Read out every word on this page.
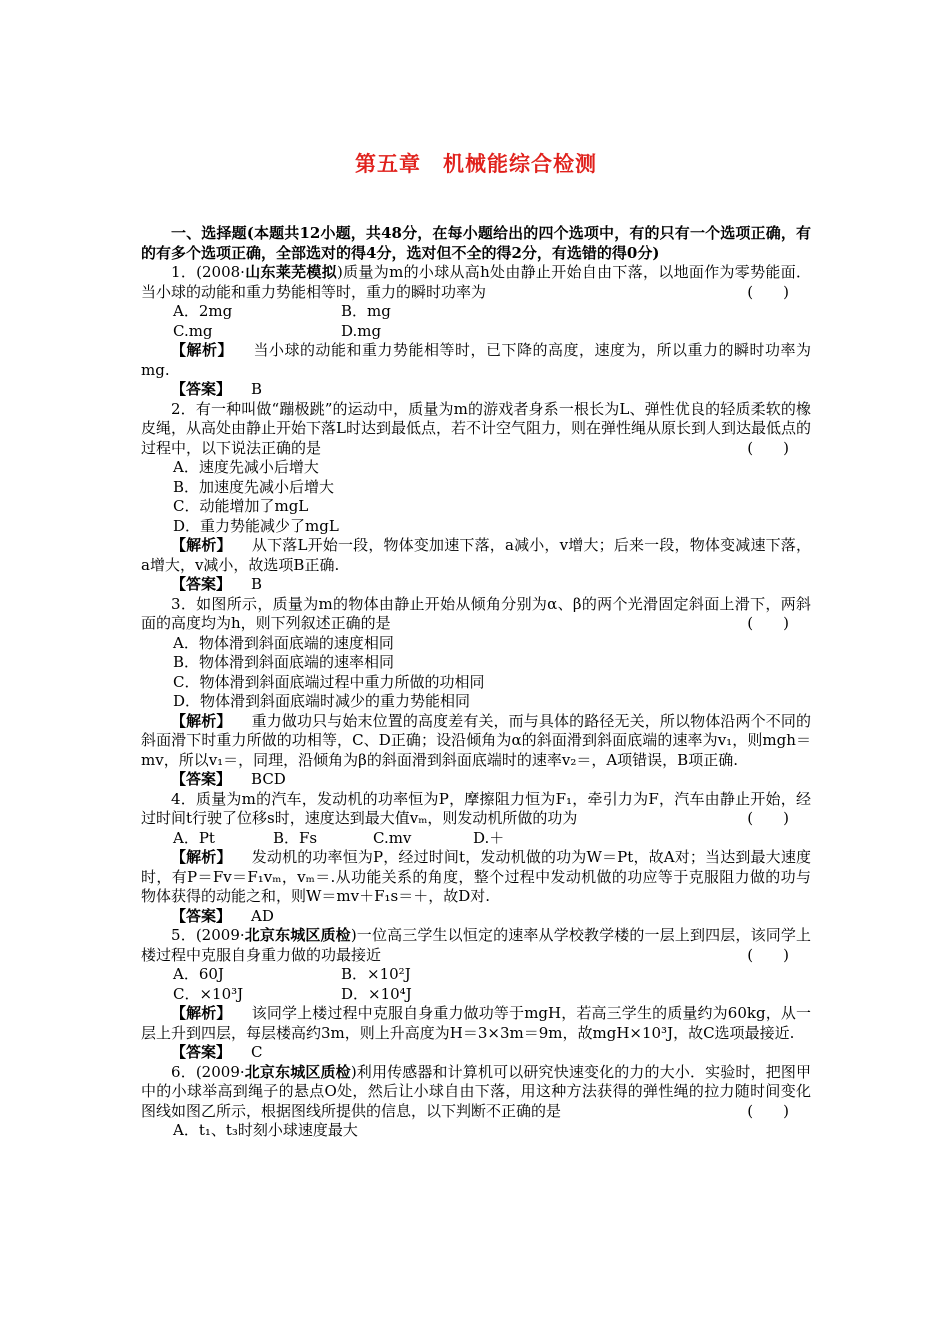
第五章　机械能综合检测

一、选择题(本题共12小题，共48分，在每小题给出的四个选项中，有的只有一个选项正确，有的有多个选项正确，全部选对的得4分，选对但不全的得2分，有选错的得0分)

1．(2008·山东莱芜模拟)质量为m的小球从高h处由静止开始自由下落，以地面作为零势能面．当小球的动能和重力势能相等时，重力的瞬时功率为	(　　)

A．2mg	B．mg
C.mg	D.mg

【解析】 当小球的动能和重力势能相等时，已下降的高度，速度为，所以重力的瞬时功率为mg.

【答案】 B

2．有一种叫做“蹦极跳”的运动中，质量为m的游戏者身系一根长为L、弹性优良的轻质柔软的橡皮绳，从高处由静止开始下落L时达到最低点，若不计空气阻力，则在弹性绳从原长到人到达最低点的过程中，以下说法正确的是	(　　)

A．速度先减小后增大
B．加速度先减小后增大
C．动能增加了mgL
D．重力势能减少了mgL

【解析】 从下落L开始一段，物体变加速下落，a减小，v增大；后来一段，物体变减速下落，a增大，v减小，故选项B正确.

【答案】 B

3．如图所示，质量为m的物体由静止开始从倾角分别为α、β的两个光滑固定斜面上滑下，两斜面的高度均为h，则下列叙述正确的是	(　　)

A．物体滑到斜面底端的速度相同
B．物体滑到斜面底端的速率相同
C．物体滑到斜面底端过程中重力所做的功相同
D．物体滑到斜面底端时减少的重力势能相同

【解析】 重力做功只与始末位置的高度差有关，而与具体的路径无关，所以物体沿两个不同的斜面滑下时重力所做的功相等，C、D正确；设沿倾角为α的斜面滑到斜面底端的速率为v₁，则mgh＝mv，所以v₁＝，同理，沿倾角为β的斜面滑到斜面底端时的速率v₂＝，A项错误，B项正确.

【答案】 BCD

4．质量为m的汽车，发动机的功率恒为P，摩擦阻力恒为F₁，牵引力为F，汽车由静止开始，经过时间t行驶了位移s时，速度达到最大值vₘ，则发动机所做的功为	(　　)

A．Pt	B．Fs	C.mv	D.＋

【解析】 发动机的功率恒为P，经过时间t，发动机做的功为W＝Pt，故A对；当达到最大速度时，有P＝Fv＝F₁vₘ，vₘ＝.从功能关系的角度，整个过程中发动机做的功应等于克服阻力做的功与物体获得的动能之和，则W＝mv＋F₁s＝＋，故D对.

【答案】 AD

5．(2009·北京东城区质检)一位高三学生以恒定的速率从学校教学楼的一层上到四层，该同学上楼过程中克服自身重力做的功最接近	(　　)

A．60J	B．×10²J
C．×10³J	D．×10⁴J

【解析】 该同学上楼过程中克服自身重力做功等于mgH，若高三学生的质量约为60kg，从一层上升到四层，每层楼高约3m，则上升高度为H＝3×3m＝9m，故mgH×10³J，故C选项最接近.

【答案】 C

6．(2009·北京东城区质检)利用传感器和计算机可以研究快速变化的力的大小．实验时，把图甲中的小球举高到绳子的悬点O处，然后让小球自由下落，用这种方法获得的弹性绳的拉力随时间变化图线如图乙所示，根据图线所提供的信息，以下判断不正确的是	(　　)

A．t₁、t₃时刻小球速度最大
